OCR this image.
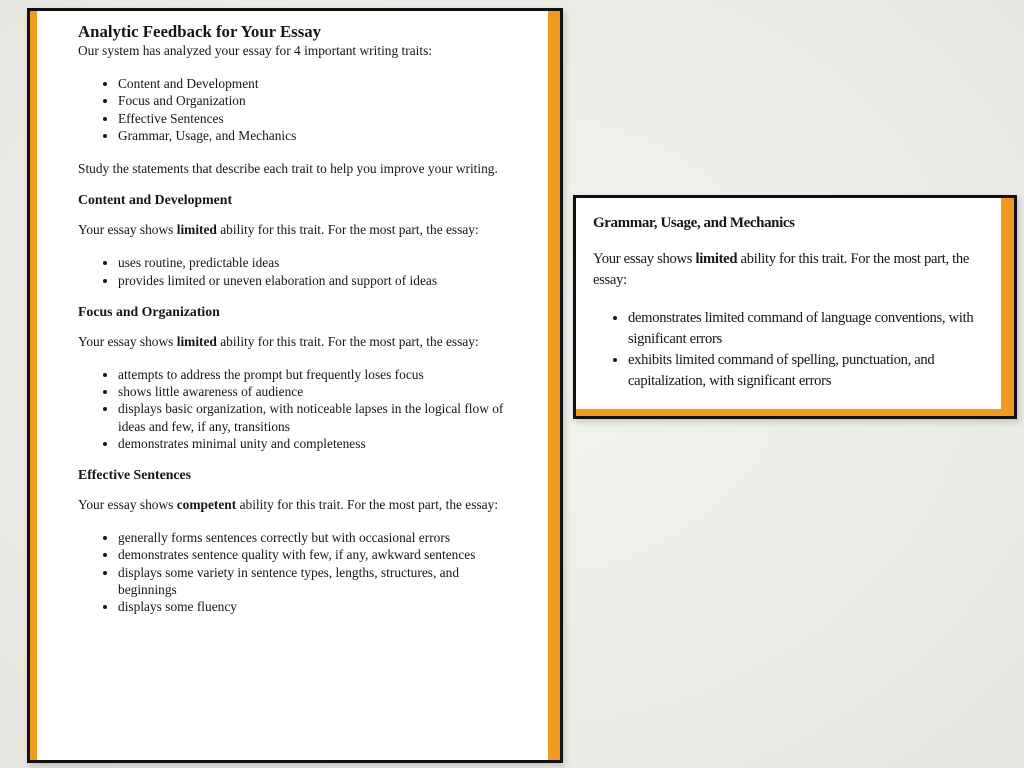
Analytic Feedback for Your Essay

Our system has analyzed your essay for 4 important writing traits:

• Content and Development
• Focus and Organization
• Effective Sentences
• Grammar, Usage, and Mechanics

Study the statements that describe each trait to help you improve your writing.

Content and Development

Your essay shows limited ability for this trait. For the most part, the essay:

• uses routine, predictable ideas
• provides limited or uneven elaboration and support of ideas
Focus and Organization

Your essay shows limited ability for this trait. For the most part, the essay:

• attempts to address the prompt but frequently loses focus
• shows little awareness of audience
• displays basic organization, with noticeable lapses in the logical flow of ideas and few, if any, transitions
• demonstrates minimal unity and completeness
Effective Sentences

Your essay shows competent ability for this trait. For the most part, the essay:

• generally forms sentences correctly but with occasional errors
• demonstrates sentence quality with few, if any, awkward sentences
• displays some variety in sentence types, lengths, structures, and beginnings
• displays some fluency
Grammar, Usage, and Mechanics

Your essay shows limited ability for this trait. For the most part, the essay:

• demonstrates limited command of language conventions, with significant errors
• exhibits limited command of spelling, punctuation, and capitalization, with significant errors
